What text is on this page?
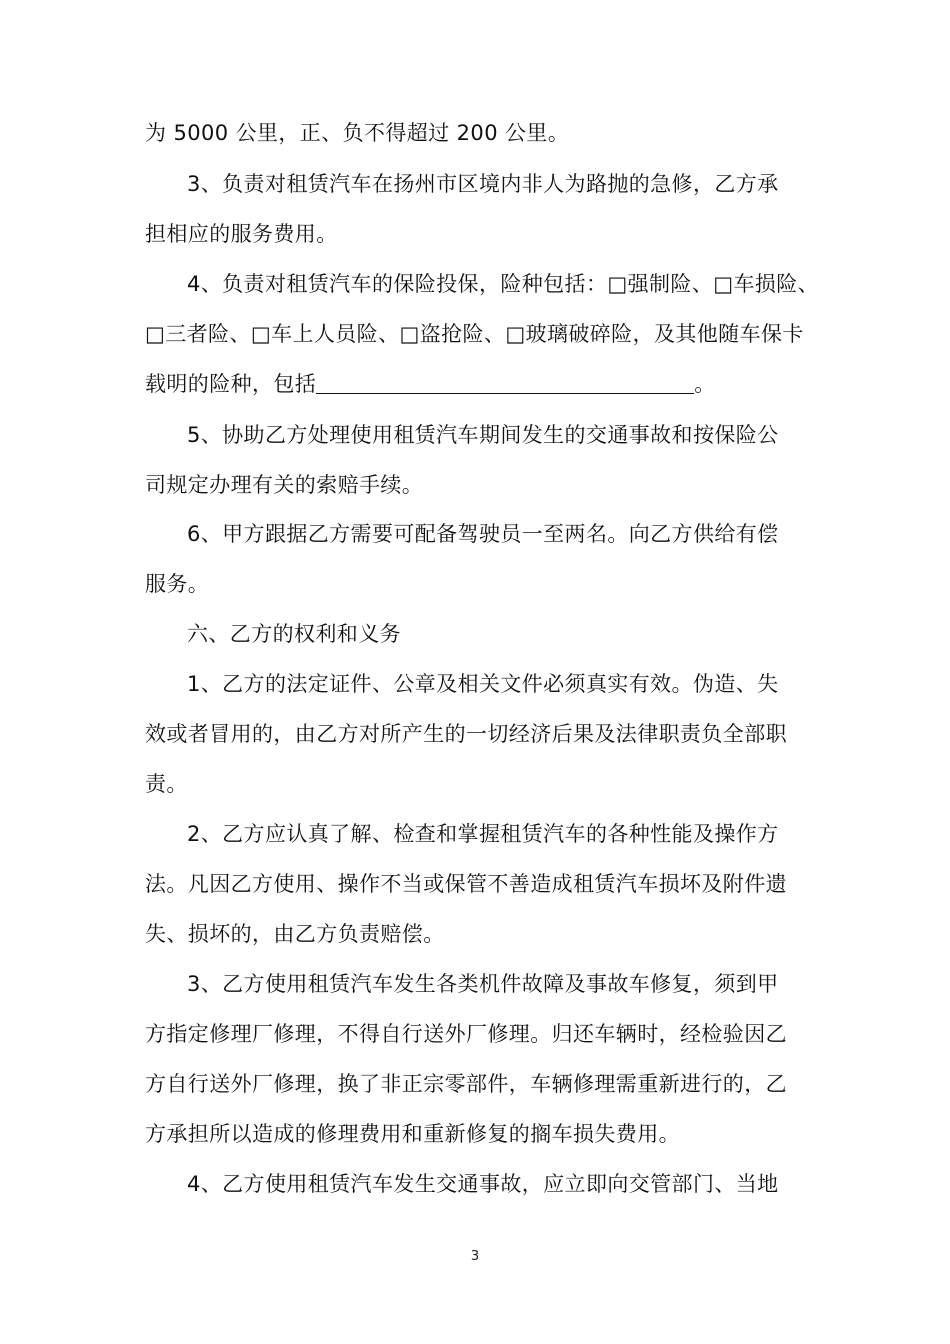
为 5000 公里，正、负不得超过 200 公里。
3、负责对租赁汽车在扬州市区境内非人为路抛的急修，乙方承
担相应的服务费用。
4、负责对租赁汽车的保险投保，险种包括：□强制险、□车损险、
□三者险、□车上人员险、□盗抢险、□玻璃破碎险，及其他随车保卡
载明的险种，包括	。
5、协助乙方处理使用租赁汽车期间发生的交通事故和按保险公
司规定办理有关的索赔手续。
6、甲方跟据乙方需要可配备驾驶员一至两名。向乙方供给有偿
服务。
六、乙方的权利和义务
1、乙方的法定证件、公章及相关文件必须真实有效。伪造、失
效或者冒用的，由乙方对所产生的一切经济后果及法律职责负全部职
责。
2、乙方应认真了解、检查和掌握租赁汽车的各种性能及操作方
法。凡因乙方使用、操作不当或保管不善造成租赁汽车损坏及附件遗
失、损坏的，由乙方负责赔偿。
3、乙方使用租赁汽车发生各类机件故障及事故车修复，须到甲
方指定修理厂修理，不得自行送外厂修理。归还车辆时，经检验因乙
方自行送外厂修理，换了非正宗零部件，车辆修理需重新进行的，乙
方承担所以造成的修理费用和重新修复的搁车损失费用。
4、乙方使用租赁汽车发生交通事故，应立即向交管部门、当地
3
